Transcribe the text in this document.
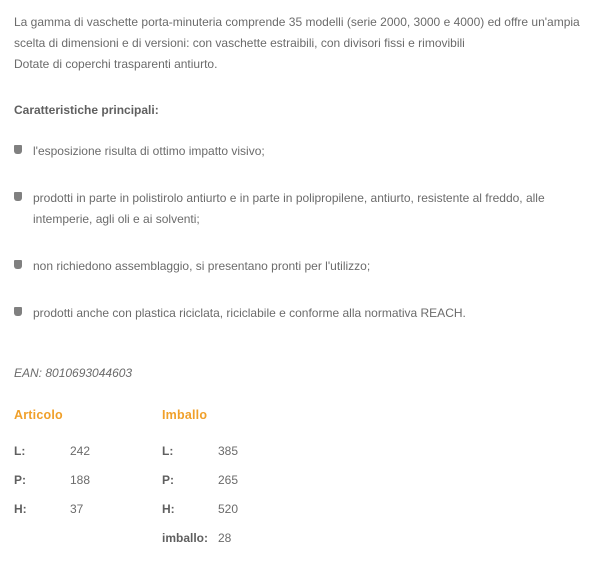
La gamma di vaschette porta-minuteria comprende 35 modelli (serie 2000, 3000 e 4000) ed offre un'ampia

scelta di dimensioni e di versioni: con vaschette estraibili, con divisori fissi e rimovibili

Dotate di coperchi trasparenti antiurto.

Caratteristiche principali:
l'esposizione risulta di ottimo impatto visivo;
prodotti in parte in polistirolo antiurto e in parte in polipropilene, antiurto, resistente al freddo, alle intemperie, agli oli e ai solventi;
non richiedono assemblaggio, si presentano pronti per l'utilizzo;
prodotti anche con plastica riciclata, riciclabile e conforme alla normativa REACH.
EAN: 8010693044603
Articolo
L:	242
P:	188
H:	37
Imballo
L:	385
P:	265
H:	520
imballo:	28
